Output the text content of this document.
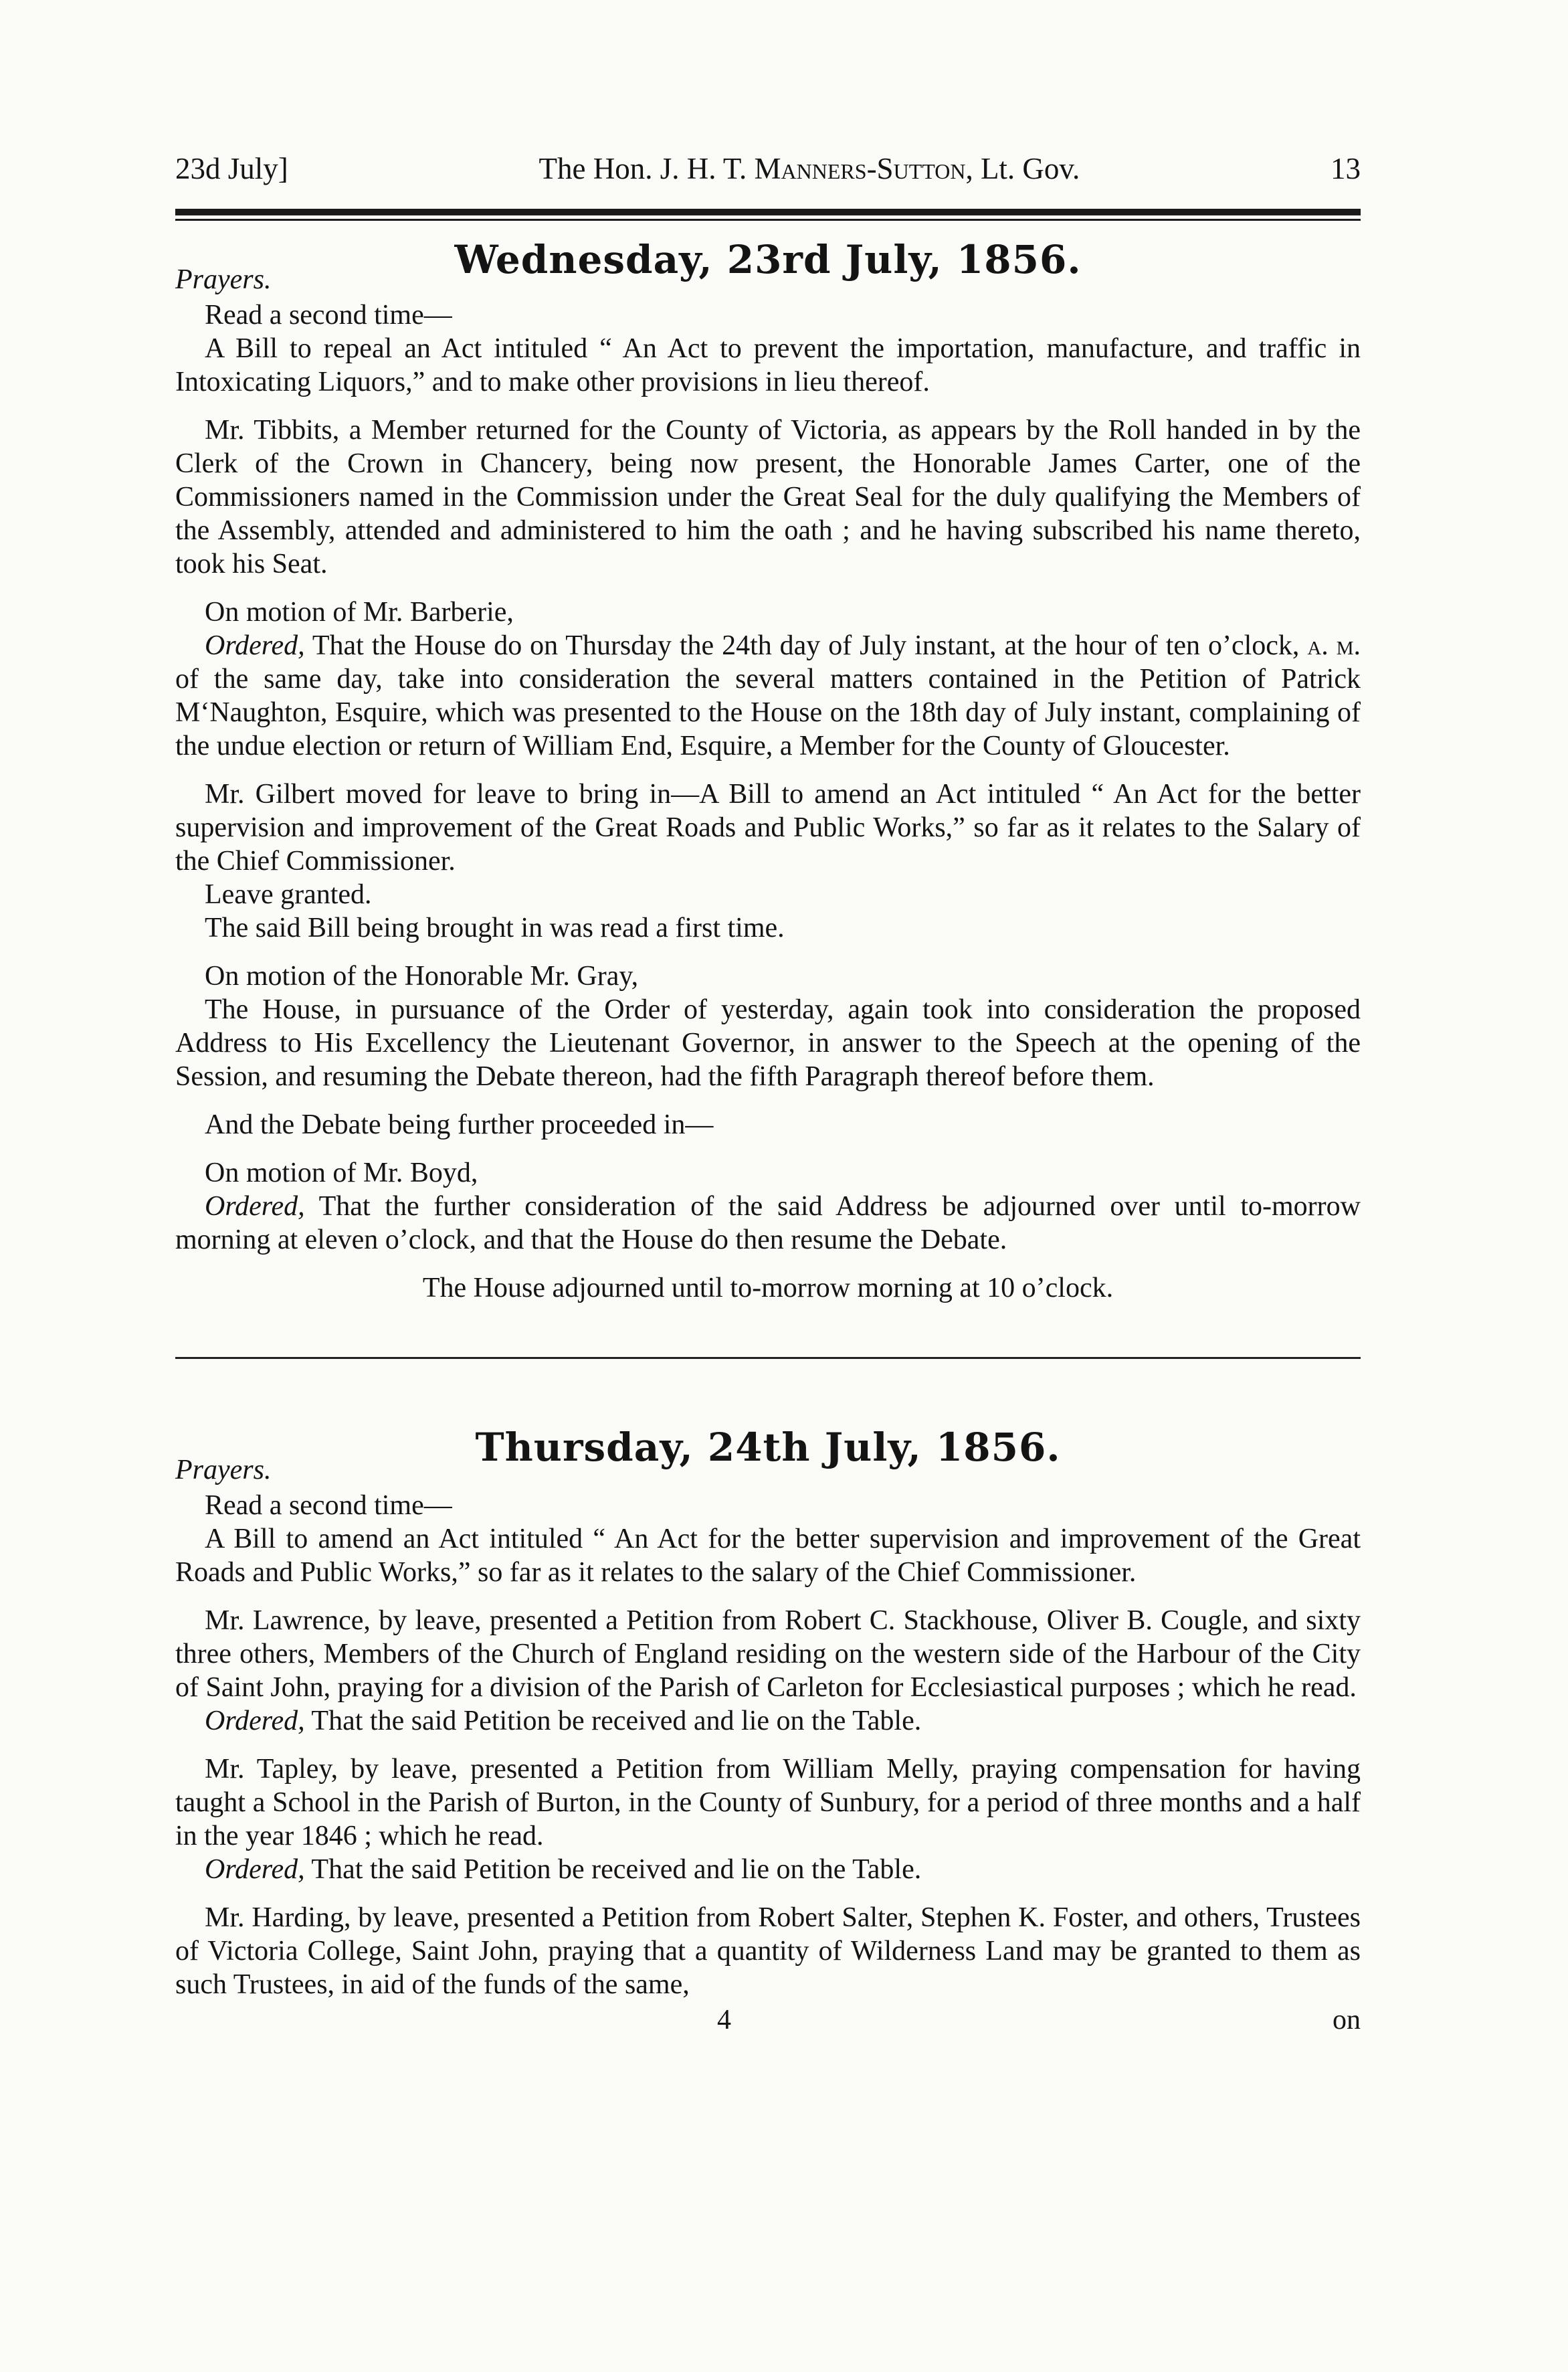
23d July]	The Hon. J. H. T. Manners-Sutton, Lt. Gov.	13
Wednesday, 23rd July, 1856.
Prayers.

Read a second time—

A Bill to repeal an Act intituled “ An Act to prevent the importation, manufacture, and traffic in Intoxicating Liquors,” and to make other provisions in lieu thereof.

Mr. Tibbits, a Member returned for the County of Victoria, as appears by the Roll handed in by the Clerk of the Crown in Chancery, being now present, the Honorable James Carter, one of the Commissioners named in the Commission under the Great Seal for the duly qualifying the Members of the Assembly, attended and administered to him the oath ; and he having subscribed his name thereto, took his Seat.

On motion of Mr. Barberie,

Ordered, That the House do on Thursday the 24th day of July instant, at the hour of ten o’clock, a. m. of the same day, take into consideration the several matters contained in the Petition of Patrick M‘Naughton, Esquire, which was presented to the House on the 18th day of July instant, complaining of the undue election or return of William End, Esquire, a Member for the County of Gloucester.

Mr. Gilbert moved for leave to bring in—A Bill to amend an Act intituled “ An Act for the better supervision and improvement of the Great Roads and Public Works,” so far as it relates to the Salary of the Chief Commissioner.

Leave granted.

The said Bill being brought in was read a first time.

On motion of the Honorable Mr. Gray,

The House, in pursuance of the Order of yesterday, again took into consideration the proposed Address to His Excellency the Lieutenant Governor, in answer to the Speech at the opening of the Session, and resuming the Debate thereon, had the fifth Paragraph thereof before them.

And the Debate being further proceeded in—

On motion of Mr. Boyd,

Ordered, That the further consideration of the said Address be adjourned over until to-morrow morning at eleven o’clock, and that the House do then resume the Debate.

The House adjourned until to-morrow morning at 10 o’clock.

Thursday, 24th July, 1856.
Prayers.

Read a second time—

A Bill to amend an Act intituled “ An Act for the better supervision and improvement of the Great Roads and Public Works,” so far as it relates to the salary of the Chief Commissioner.

Mr. Lawrence, by leave, presented a Petition from Robert C. Stackhouse, Oliver B. Cougle, and sixty three others, Members of the Church of England residing on the western side of the Harbour of the City of Saint John, praying for a division of the Parish of Carleton for Ecclesiastical purposes ; which he read.

Ordered, That the said Petition be received and lie on the Table.

Mr. Tapley, by leave, presented a Petition from William Melly, praying compensation for having taught a School in the Parish of Burton, in the County of Sunbury, for a period of three months and a half in the year 1846 ; which he read.

Ordered, That the said Petition be received and lie on the Table.

Mr. Harding, by leave, presented a Petition from Robert Salter, Stephen K. Foster, and others, Trustees of Victoria College, Saint John, praying that a quantity of Wilderness Land may be granted to them as such Trustees, in aid of the funds of the same,

4	on
